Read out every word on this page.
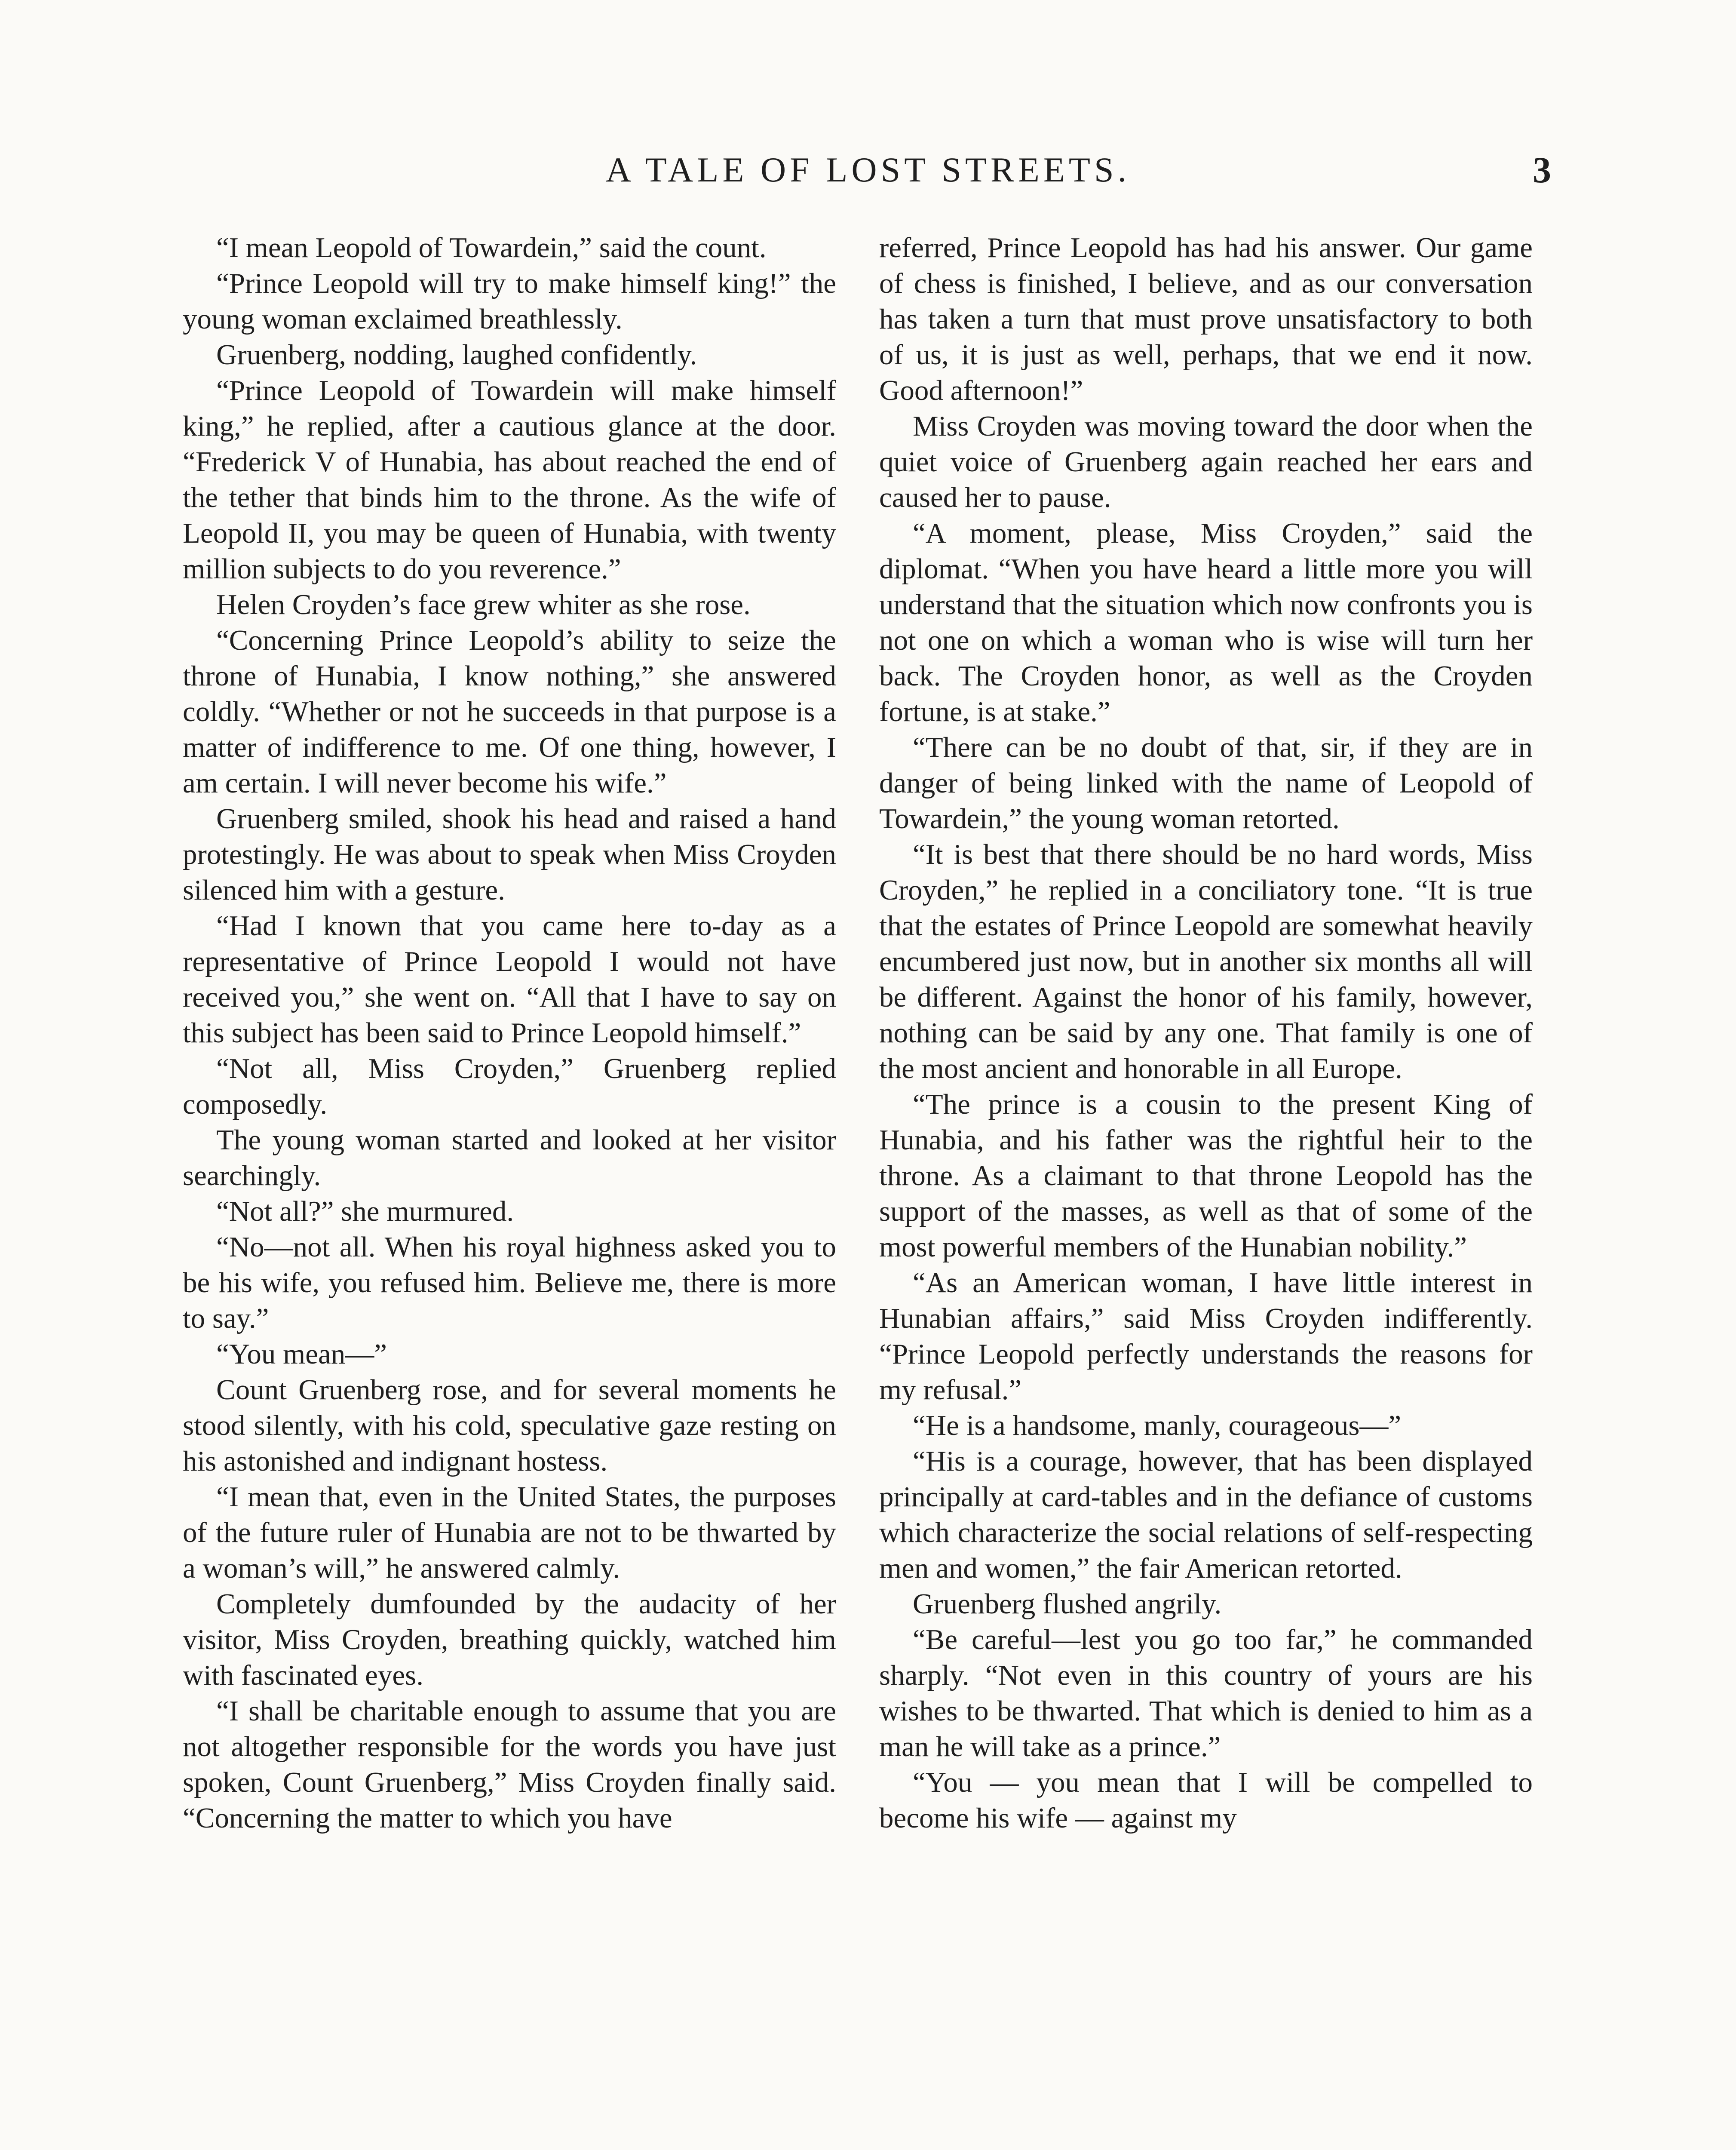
A TALE OF LOST STREETS.	3

“I mean Leopold of Towardein,” said the count.

“Prince Leopold will try to make himself king!” the young woman exclaimed breathlessly.

Gruenberg, nodding, laughed confidently.

“Prince Leopold of Towardein will make himself king,” he replied, after a cautious glance at the door. “Frederick V of Hunabia, has about reached the end of the tether that binds him to the throne. As the wife of Leopold II, you may be queen of Hunabia, with twenty million subjects to do you reverence.”

Helen Croyden’s face grew whiter as she rose.

“Concerning Prince Leopold’s ability to seize the throne of Hunabia, I know nothing,” she answered coldly. “Whether or not he succeeds in that purpose is a matter of indifference to me. Of one thing, however, I am certain. I will never become his wife.”

Gruenberg smiled, shook his head and raised a hand protestingly. He was about to speak when Miss Croyden silenced him with a gesture.

“Had I known that you came here to-day as a representative of Prince Leopold I would not have received you,” she went on. “All that I have to say on this subject has been said to Prince Leopold himself.”

“Not all, Miss Croyden,” Gruenberg replied composedly.

The young woman started and looked at her visitor searchingly.

“Not all?” she murmured.

“No—not all. When his royal highness asked you to be his wife, you refused him. Believe me, there is more to say.”

“You mean—”

Count Gruenberg rose, and for several moments he stood silently, with his cold, speculative gaze resting on his astonished and indignant hostess.

“I mean that, even in the United States, the purposes of the future ruler of Hunabia are not to be thwarted by a woman’s will,” he answered calmly.

Completely dumfounded by the audacity of her visitor, Miss Croyden, breathing quickly, watched him with fascinated eyes.

“I shall be charitable enough to assume that you are not altogether responsible for the words you have just spoken, Count Gruenberg,” Miss Croyden finally said. “Concerning the matter to which you have

referred, Prince Leopold has had his answer. Our game of chess is finished, I believe, and as our conversation has taken a turn that must prove unsatisfactory to both of us, it is just as well, perhaps, that we end it now. Good afternoon!”

Miss Croyden was moving toward the door when the quiet voice of Gruenberg again reached her ears and caused her to pause.

“A moment, please, Miss Croyden,” said the diplomat. “When you have heard a little more you will understand that the situation which now confronts you is not one on which a woman who is wise will turn her back. The Croyden honor, as well as the Croyden fortune, is at stake.”

“There can be no doubt of that, sir, if they are in danger of being linked with the name of Leopold of Towardein,” the young woman retorted.

“It is best that there should be no hard words, Miss Croyden,” he replied in a conciliatory tone. “It is true that the estates of Prince Leopold are somewhat heavily encumbered just now, but in another six months all will be different. Against the honor of his family, however, nothing can be said by any one. That family is one of the most ancient and honorable in all Europe.

“The prince is a cousin to the present King of Hunabia, and his father was the rightful heir to the throne. As a claimant to that throne Leopold has the support of the masses, as well as that of some of the most powerful members of the Hunabian nobility.”

“As an American woman, I have little interest in Hunabian affairs,” said Miss Croyden indifferently. “Prince Leopold perfectly understands the reasons for my refusal.”

“He is a handsome, manly, courageous—”

“His is a courage, however, that has been displayed principally at card-tables and in the defiance of customs which characterize the social relations of self-respecting men and women,” the fair American retorted.

Gruenberg flushed angrily.

“Be careful—lest you go too far,” he commanded sharply. “Not even in this country of yours are his wishes to be thwarted. That which is denied to him as a man he will take as a prince.”

“You — you mean that I will be compelled to become his wife — against my
